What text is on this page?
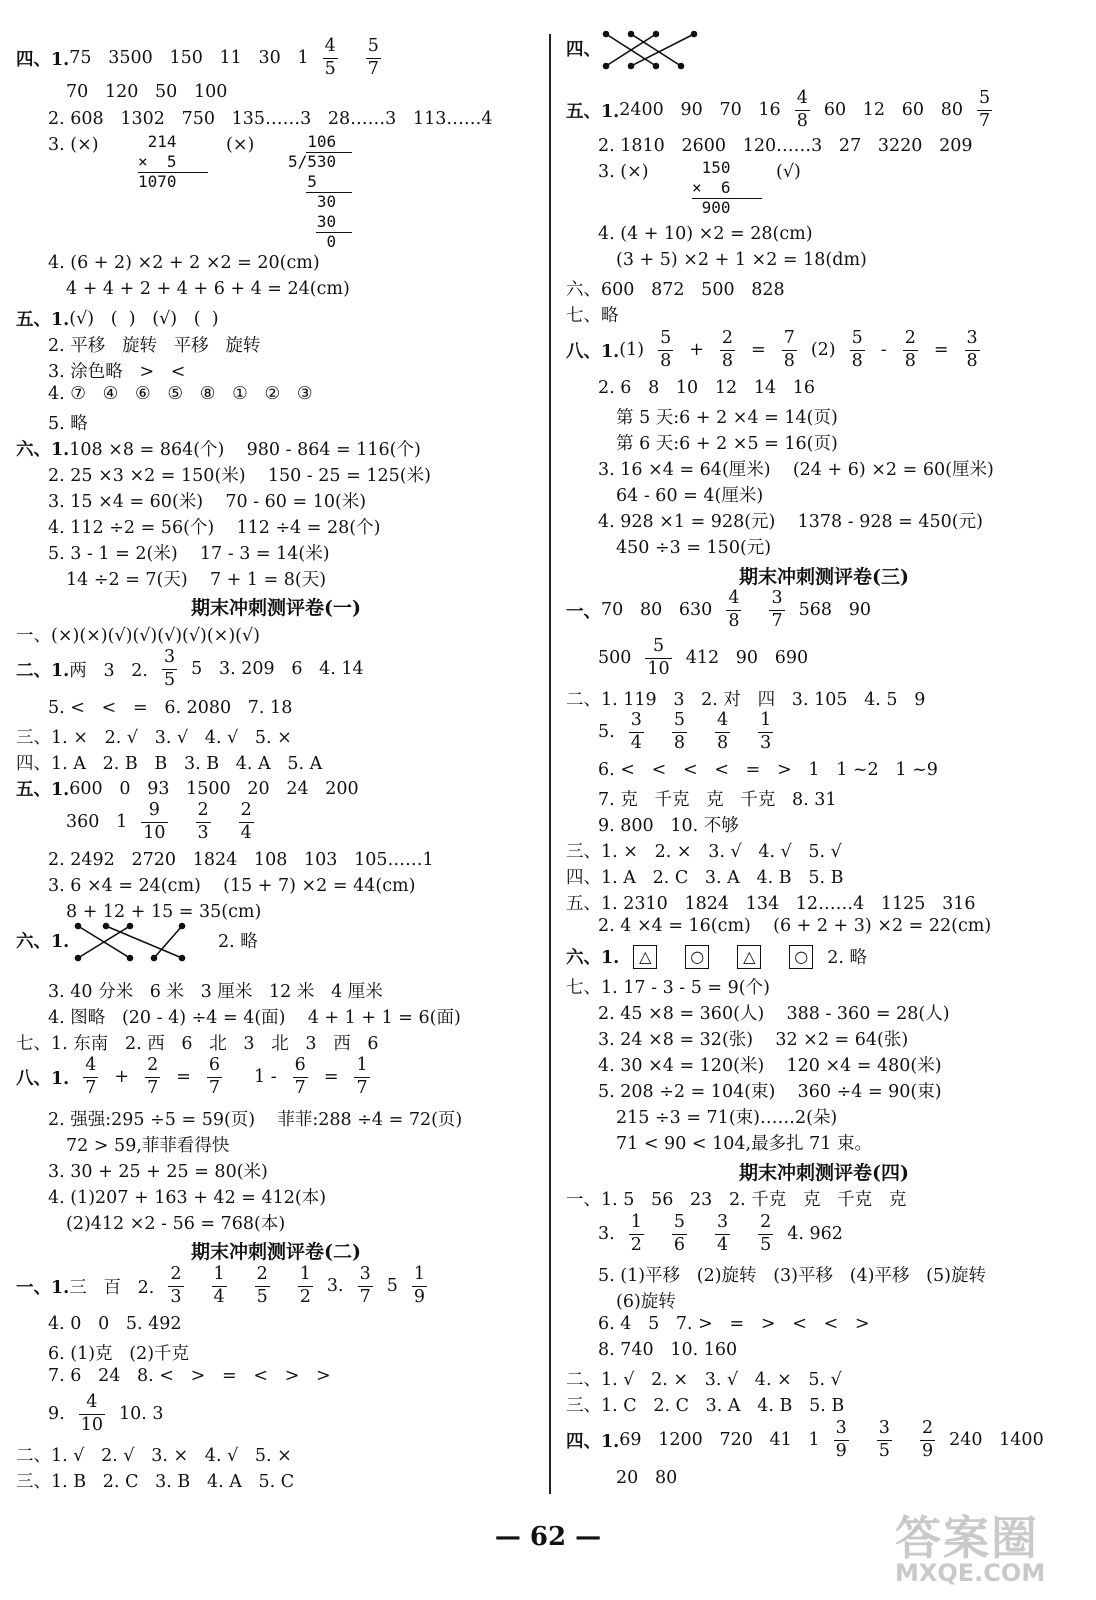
四、1. 75   3500   150   11   30   1
4
5
5
7
70   120   50   100
2. 608   1302   750   135……3   28……3   113……4
3. (×)	214
×  5
1070
(×)	106
5/530
5
30
30
0
4. (6 + 2) ×2 + 2 ×2 = 20(cm)
4 + 4 + 2 + 4 + 6 + 4 = 24(cm)
五、1. (√)   (  )   (√)   (  )
2. 平移   旋转   平移   旋转
3. 涂色略   >   <
4. ⑦   ④   ⑥   ⑤   ⑧   ①   ②   ③
5. 略
六、1. 108 ×8 = 864(个)    980 - 864 = 116(个)
2. 25 ×3 ×2 = 150(米)    150 - 25 = 125(米)
3. 15 ×4 = 60(米)    70 - 60 = 10(米)
4. 112 ÷2 = 56(个)    112 ÷4 = 28(个)
5. 3 - 1 = 2(米)    17 - 3 = 14(米)
14 ÷2 = 7(天)    7 + 1 = 8(天)
期末冲刺测评卷(一)
一、(×)(×)(√)(√)(√)(√)(×)(√)
二、1. 两   3   2.
3
5
5   3. 209   6   4. 14
5. <   <   =   6. 2080   7. 18
三、1. ×   2. √   3. √   4. √   5. ×
四、1. A   2. B   B   3. B   4. A   5. A
五、1. 600   0   93   1500   20   24   200
360   1
9
10
2
3
2
4
2. 2492   2720   1824   108   103   105……1
3. 6 ×4 = 24(cm)    (15 + 7) ×2 = 44(cm)
8 + 12 + 15 = 35(cm)
六、1.	2. 略
3. 40 分米   6 米   3 厘米   12 米   4 厘米
4. 图略   (20 - 4) ÷4 = 4(面)    4 + 1 + 1 = 6(面)
七、1. 东南   2. 西   6   北   3   北   3   西   6
八、1.
4
7
+ $\frac{2}{7} = \frac{6}{7} 1 - \frac{6}{7} = \frac{1}{7}$
2. 强强:295 ÷5 = 59(页)    菲菲:288 ÷4 = 72(页)
72 > 59,菲菲看得快
3. 30 + 25 + 25 = 80(米)
4. (1)207 + 163 + 42 = 412(本)
(2)412 ×2 - 56 = 768(本)
期末冲刺测评卷(二)
一、1. 三   百   2.
2
3
1
4
2
5
1
2
3.
3
7
5
1
9
4. 0   0   5. 492
6. (1)克   (2)千克
7. 6   24   8. <   >   =   <   >   >
9.
4
10
10. 3
二、1. √   2. √   3. ×   4. √   5. ×
三、1. B   2. C   3. B   4. A   5. C
四、
五、1. 2400   90   70   16
4
8
60   12   60   80
5
7
2. 1810   2600   120……3   27   3220   209
3. (×)	150
×  6
900
(√)
4. (4 + 10) ×2 = 28(cm)
(3 + 5) ×2 + 1 ×2 = 18(dm)
六、600   872   500   828
七、略
八、1. (1)
5
8
+ $\frac{2}{8} = \frac{7}{8} (2)$
5
8
- $\frac{2}{8} = \frac{3}{8}$
2. 6   8   10   12   14   16
第 5 天:6 + 2 ×4 = 14(页)
第 6 天:6 + 2 ×5 = 16(页)
3. 16 ×4 = 64(厘米)    (24 + 6) ×2 = 60(厘米)
64 - 60 = 4(厘米)
4. 928 ×1 = 928(元)    1378 - 928 = 450(元)
450 ÷3 = 150(元)
期末冲刺测评卷(三)
一、 70   80   630
4
8
3
7
568   90
500
5
10
412   90   690
二、1. 119   3   2. 对   四   3. 105   4. 5   9
5.
3
4
5
8
4
8
1
3
6. <   <   <   <   =   >   1   1 ~2   1 ~9
7. 克   千克   克   千克   8. 31
9. 800   10. 不够
三、1. ×   2. ×   3. √   4. √   5. √
四、1. A   2. C   3. A   4. B   5. B
五、1. 2310   1824   134   12……4   1125   316
2. 4 ×4 = 16(cm)    (6 + 2 + 3) ×2 = 22(cm)
六、1.	△	○	△	○ 2. 略
七、1. 17 - 3 - 5 = 9(个)
2. 45 ×8 = 360(人)    388 - 360 = 28(人)
3. 24 ×8 = 32(张)    32 ×2 = 64(张)
4. 30 ×4 = 120(米)    120 ×4 = 480(米)
5. 208 ÷2 = 104(束)    360 ÷4 = 90(束)
215 ÷3 = 71(束)……2(朵)
71 < 90 < 104,最多扎 71 束。
期末冲刺测评卷(四)
一、1. 5   56   23   2. 千克   克   千克   克
3.
1
2
5
6
3
4
2
5
4. 962
5. (1)平移   (2)旋转   (3)平移   (4)平移   (5)旋转
(6)旋转
6. 4   5   7. >   =   >   <   <   >
8. 740   10. 160
二、1. √   2. ×   3. √   4. ×   5. √
三、1. C   2. C   3. A   4. B   5. B
四、1. 69   1200   720   41   1
3
9
3
5
2
9
240   1400
20   80
— 62 —	答案圈
MXQE.COM
